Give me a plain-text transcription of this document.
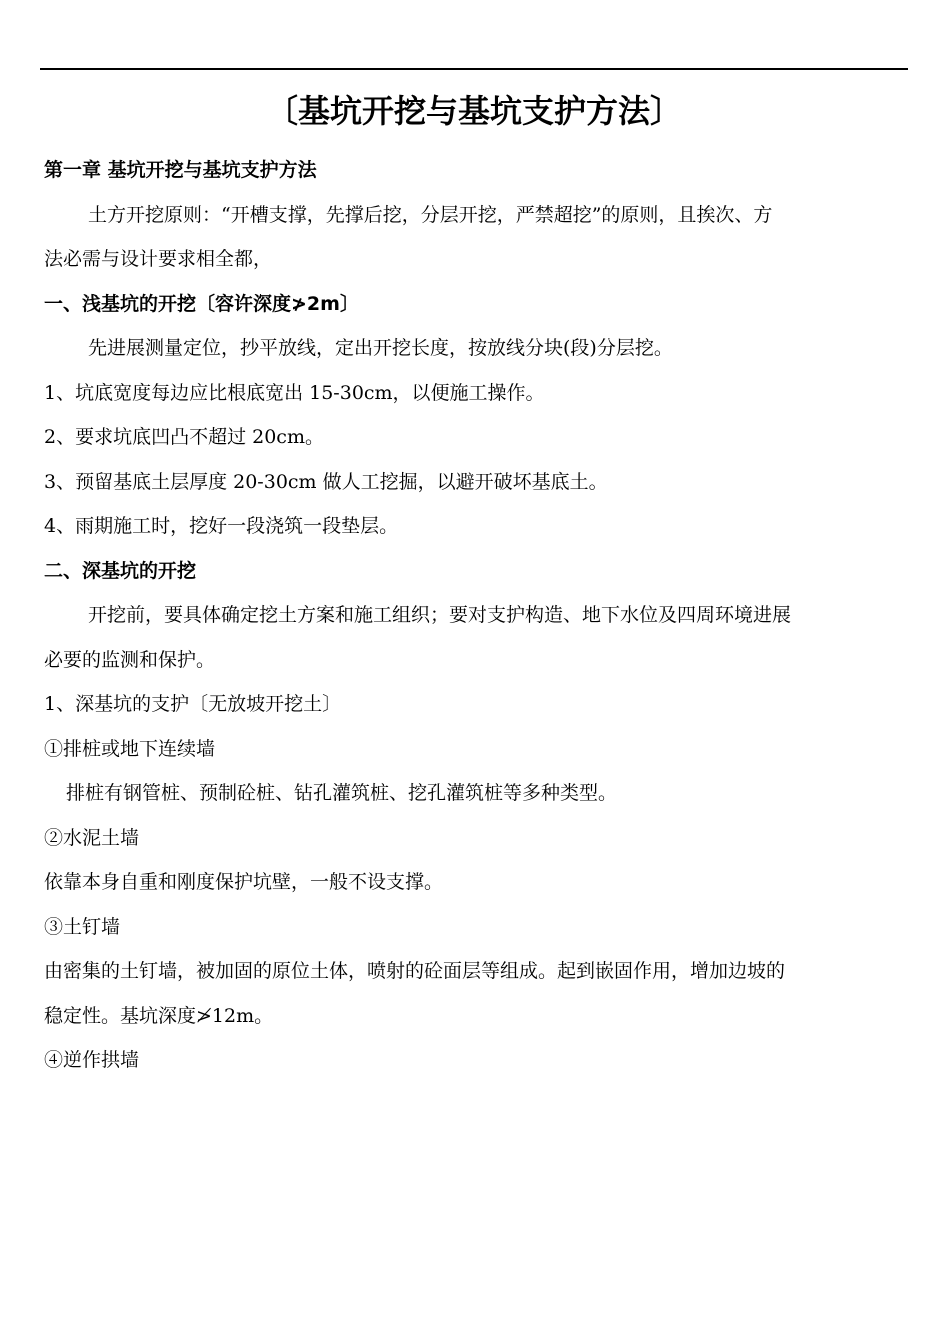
〔基坑开挖与基坑支护方法〕
第一章 基坑开挖与基坑支护方法
土方开挖原则：“开槽支撑，先撑后挖，分层开挖，严禁超挖”的原则，且挨次、方
法必需与设计要求相全都，
一、浅基坑的开挖〔容许深度≯2m〕
先进展测量定位，抄平放线，定出开挖长度，按放线分块(段)分层挖。
1、坑底宽度每边应比根底宽出 15-30cm，以便施工操作。
2、要求坑底凹凸不超过 20cm。
3、预留基底土层厚度 20-30cm 做人工挖掘，以避开破坏基底土。
4、雨期施工时，挖好一段浇筑一段垫层。
二、深基坑的开挖
开挖前，要具体确定挖土方案和施工组织；要对支护构造、地下水位及四周环境进展
必要的监测和保护。
1、深基坑的支护〔无放坡开挖土〕
①排桩或地下连续墙
排桩有钢管桩、预制砼桩、钻孔灌筑桩、挖孔灌筑桩等多种类型。
②水泥土墙
依靠本身自重和刚度保护坑壁，一般不设支撑。
③土钉墙
由密集的土钉墙，被加固的原位土体，喷射的砼面层等组成。起到嵌固作用，增加边坡的
稳定性。基坑深度≯12m。
④逆作拱墙
